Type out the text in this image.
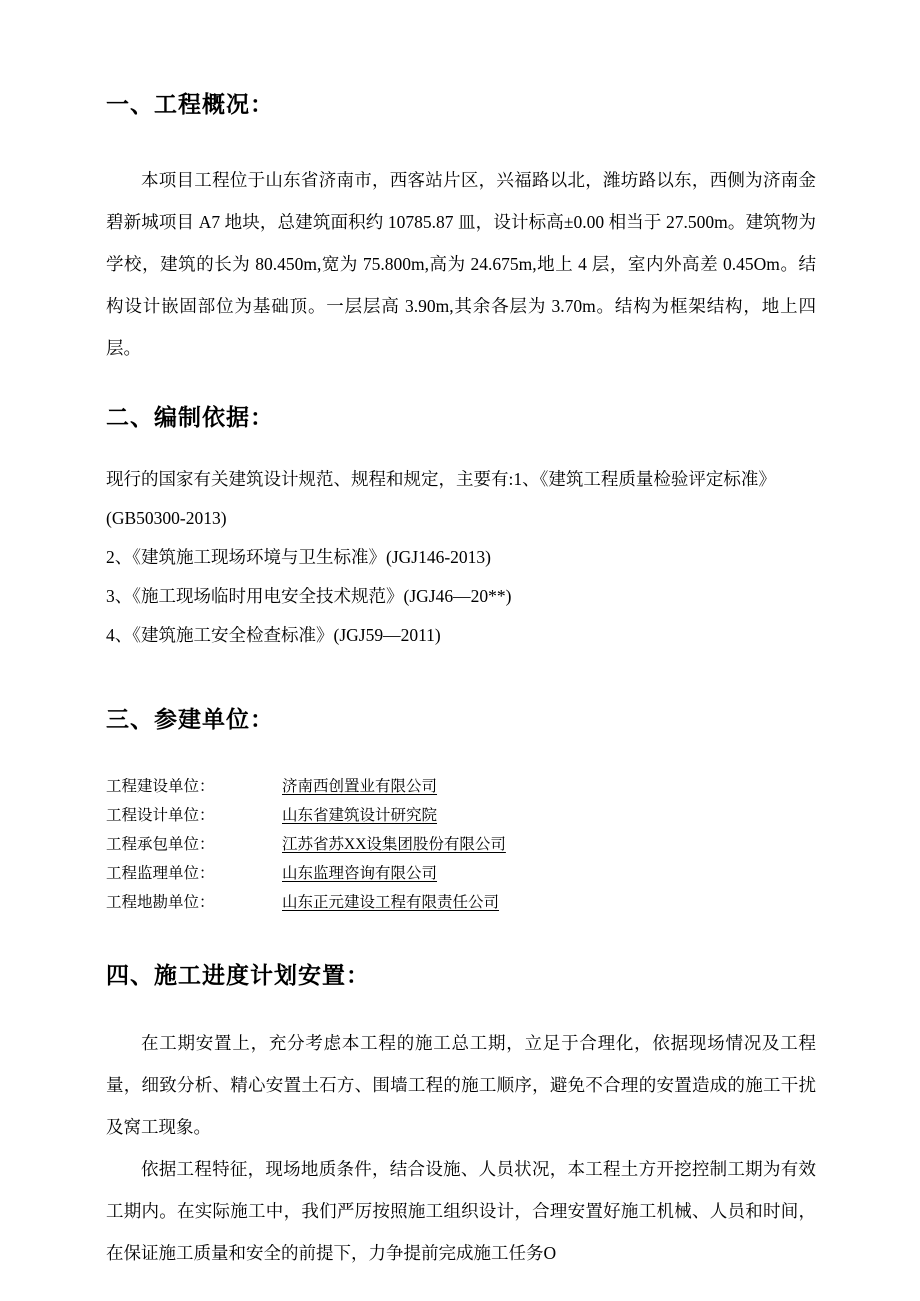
一、工程概况：

本项目工程位于山东省济南市，西客站片区，兴福路以北，潍坊路以东，西侧为济南金碧新城项目 A7 地块，总建筑面积约 10785.87 皿，设计标高±0.00 相当于 27.500m。建筑物为学校，建筑的长为 80.450m,宽为 75.800m,高为 24.675m,地上 4 层，室内外高差 0.45Om。结构设计嵌固部位为基础顶。一层层高 3.90m,其余各层为 3.70m。结构为框架结构，地上四层。

二、编制依据：
现行的国家有关建筑设计规范、规程和规定，主要有:1、《建筑工程质量检验评定标准》
(GB50300-2013)
2、《建筑施工现场环境与卫生标准》(JGJ146-2013)
3、《施工现场临时用电安全技术规范》(JGJ46—20**)
4、《建筑施工安全检查标准》(JGJ59—2011)
三、参建单位：
工程建设单位：	济南西创置业有限公司
工程设计单位：	山东省建筑设计研究院
工程承包单位：	江苏省苏XX设集团股份有限公司
工程监理单位：	山东监理咨询有限公司
工程地勘单位：	山东正元建设工程有限责任公司
四、施工进度计划安置：

在工期安置上，充分考虑本工程的施工总工期，立足于合理化，依据现场情况及工程量，细致分析、精心安置土石方、围墙工程的施工顺序，避免不合理的安置造成的施工干扰及窝工现象。

依据工程特征，现场地质条件，结合设施、人员状况，本工程土方开挖控制工期为有效工期内。在实际施工中，我们严厉按照施工组织设计，合理安置好施工机械、人员和时间，在保证施工质量和安全的前提下，力争提前完成施工任务O
